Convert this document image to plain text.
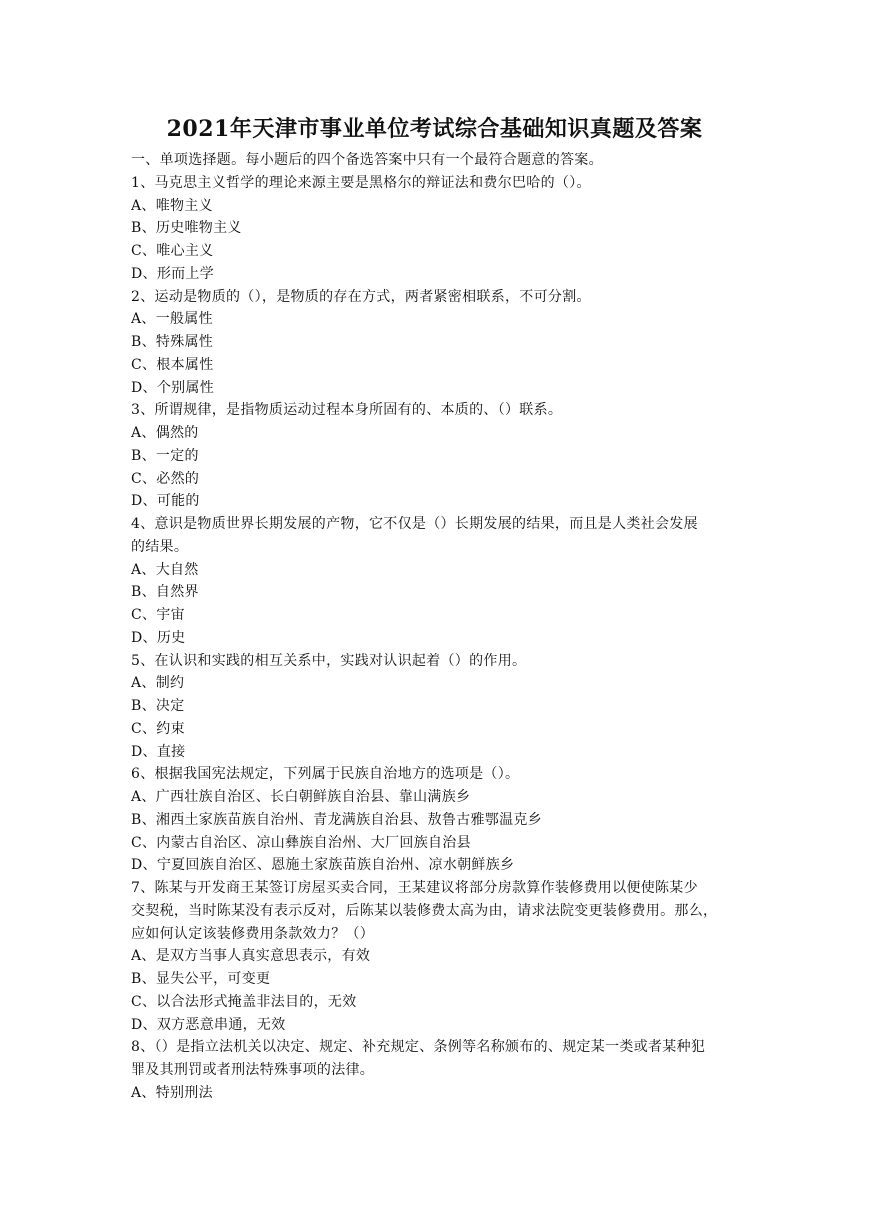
2021年天津市事业单位考试综合基础知识真题及答案
一、单项选择题。每小题后的四个备选答案中只有一个最符合题意的答案。
1、马克思主义哲学的理论来源主要是黑格尔的辩证法和费尔巴哈的（）。
A、唯物主义
B、历史唯物主义
C、唯心主义
D、形而上学
2、运动是物质的（），是物质的存在方式，两者紧密相联系，不可分割。
A、一般属性
B、特殊属性
C、根本属性
D、个别属性
3、所谓规律，是指物质运动过程本身所固有的、本质的、（）联系。
A、偶然的
B、一定的
C、必然的
D、可能的
4、意识是物质世界长期发展的产物，它不仅是（）长期发展的结果，而且是人类社会发展
的结果。
A、大自然
B、自然界
C、宇宙
D、历史
5、在认识和实践的相互关系中，实践对认识起着（）的作用。
A、制约
B、决定
C、约束
D、直接
6、根据我国宪法规定，下列属于民族自治地方的选项是（）。
A、广西壮族自治区、长白朝鲜族自治县、靠山满族乡
B、湘西土家族苗族自治州、青龙满族自治县、敖鲁古雅鄂温克乡
C、内蒙古自治区、凉山彝族自治州、大厂回族自治县
D、宁夏回族自治区、恩施土家族苗族自治州、凉水朝鲜族乡
7、陈某与开发商王某签订房屋买卖合同，王某建议将部分房款算作装修费用以便使陈某少
交契税，当时陈某没有表示反对，后陈某以装修费太高为由，请求法院变更装修费用。那么，
应如何认定该装修费用条款效力？（）
A、是双方当事人真实意思表示，有效
B、显失公平，可变更
C、以合法形式掩盖非法目的，无效
D、双方恶意串通，无效
8、（）是指立法机关以决定、规定、补充规定、条例等名称颁布的、规定某一类或者某种犯
罪及其刑罚或者刑法特殊事项的法律。
A、特别刑法
